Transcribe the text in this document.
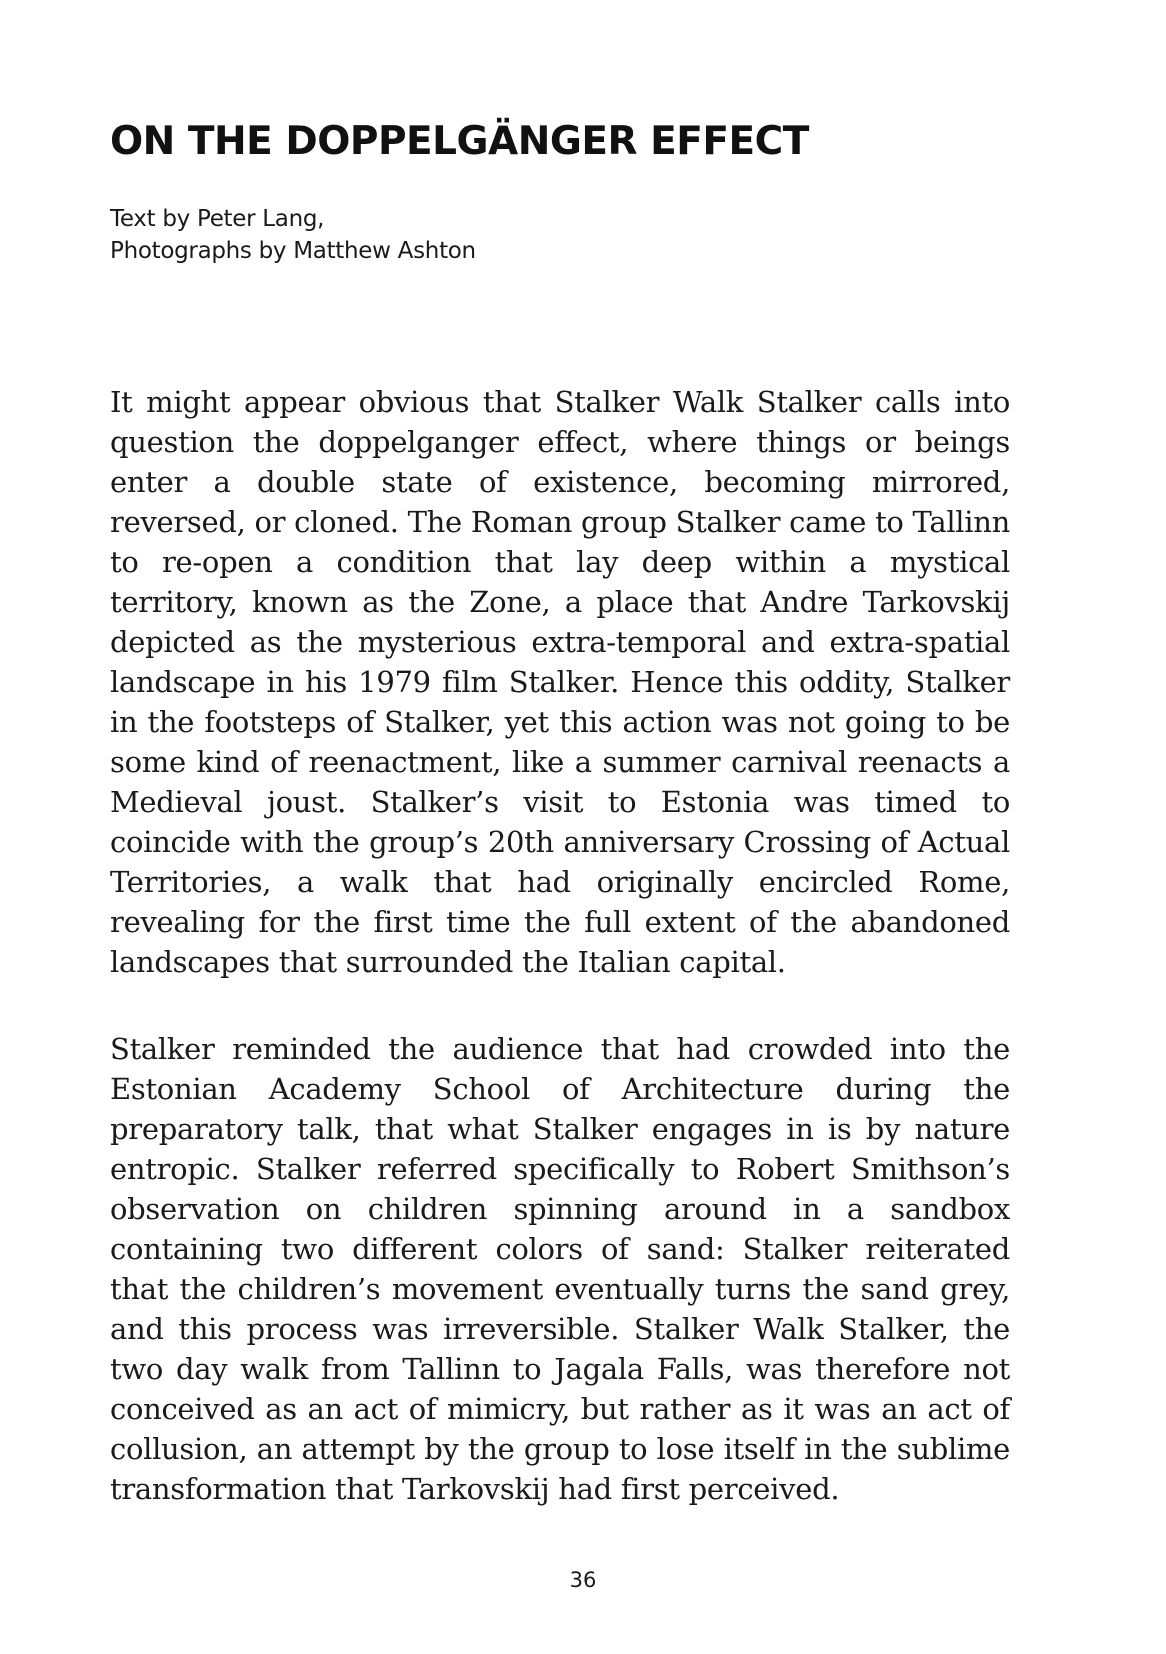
ON THE DOPPELGÄNGER EFFECT
Text by Peter Lang,
Photographs by Matthew Ashton

It might appear obvious that Stalker Walk Stalker calls into question the doppelganger effect, where things or beings enter a double state of existence, becoming mirrored, reversed, or cloned. The Roman group Stalker came to Tallinn to re-open a condition that lay deep within a mystical territory, known as the Zone, a place that Andre Tarkovskij depicted as the mysterious extra-temporal and extra-spatial landscape in his 1979 film Stalker. Hence this oddity, Stalker in the footsteps of Stalker, yet this action was not going to be some kind of reenactment, like a summer carnival reenacts a Medieval joust. Stalker’s visit to Estonia was timed to coincide with the group’s 20th anniversary Crossing of Actual Territories, a walk that had originally encircled Rome, revealing for the first time the full extent of the abandoned landscapes that surrounded the Italian capital.

Stalker reminded the audience that had crowded into the Estonian Academy School of Architecture during the preparatory talk, that what Stalker engages in is by nature entropic. Stalker referred specifically to Robert Smithson’s observation on children spinning around in a sandbox containing two different colors of sand: Stalker reiterated that the children’s movement eventually turns the sand grey, and this process was irreversible. Stalker Walk Stalker, the two day walk from Tallinn to Jagala Falls, was therefore not conceived as an act of mimicry, but rather as it was an act of collusion, an attempt by the group to lose itself in the sublime transformation that Tarkovskij had first perceived.

36
